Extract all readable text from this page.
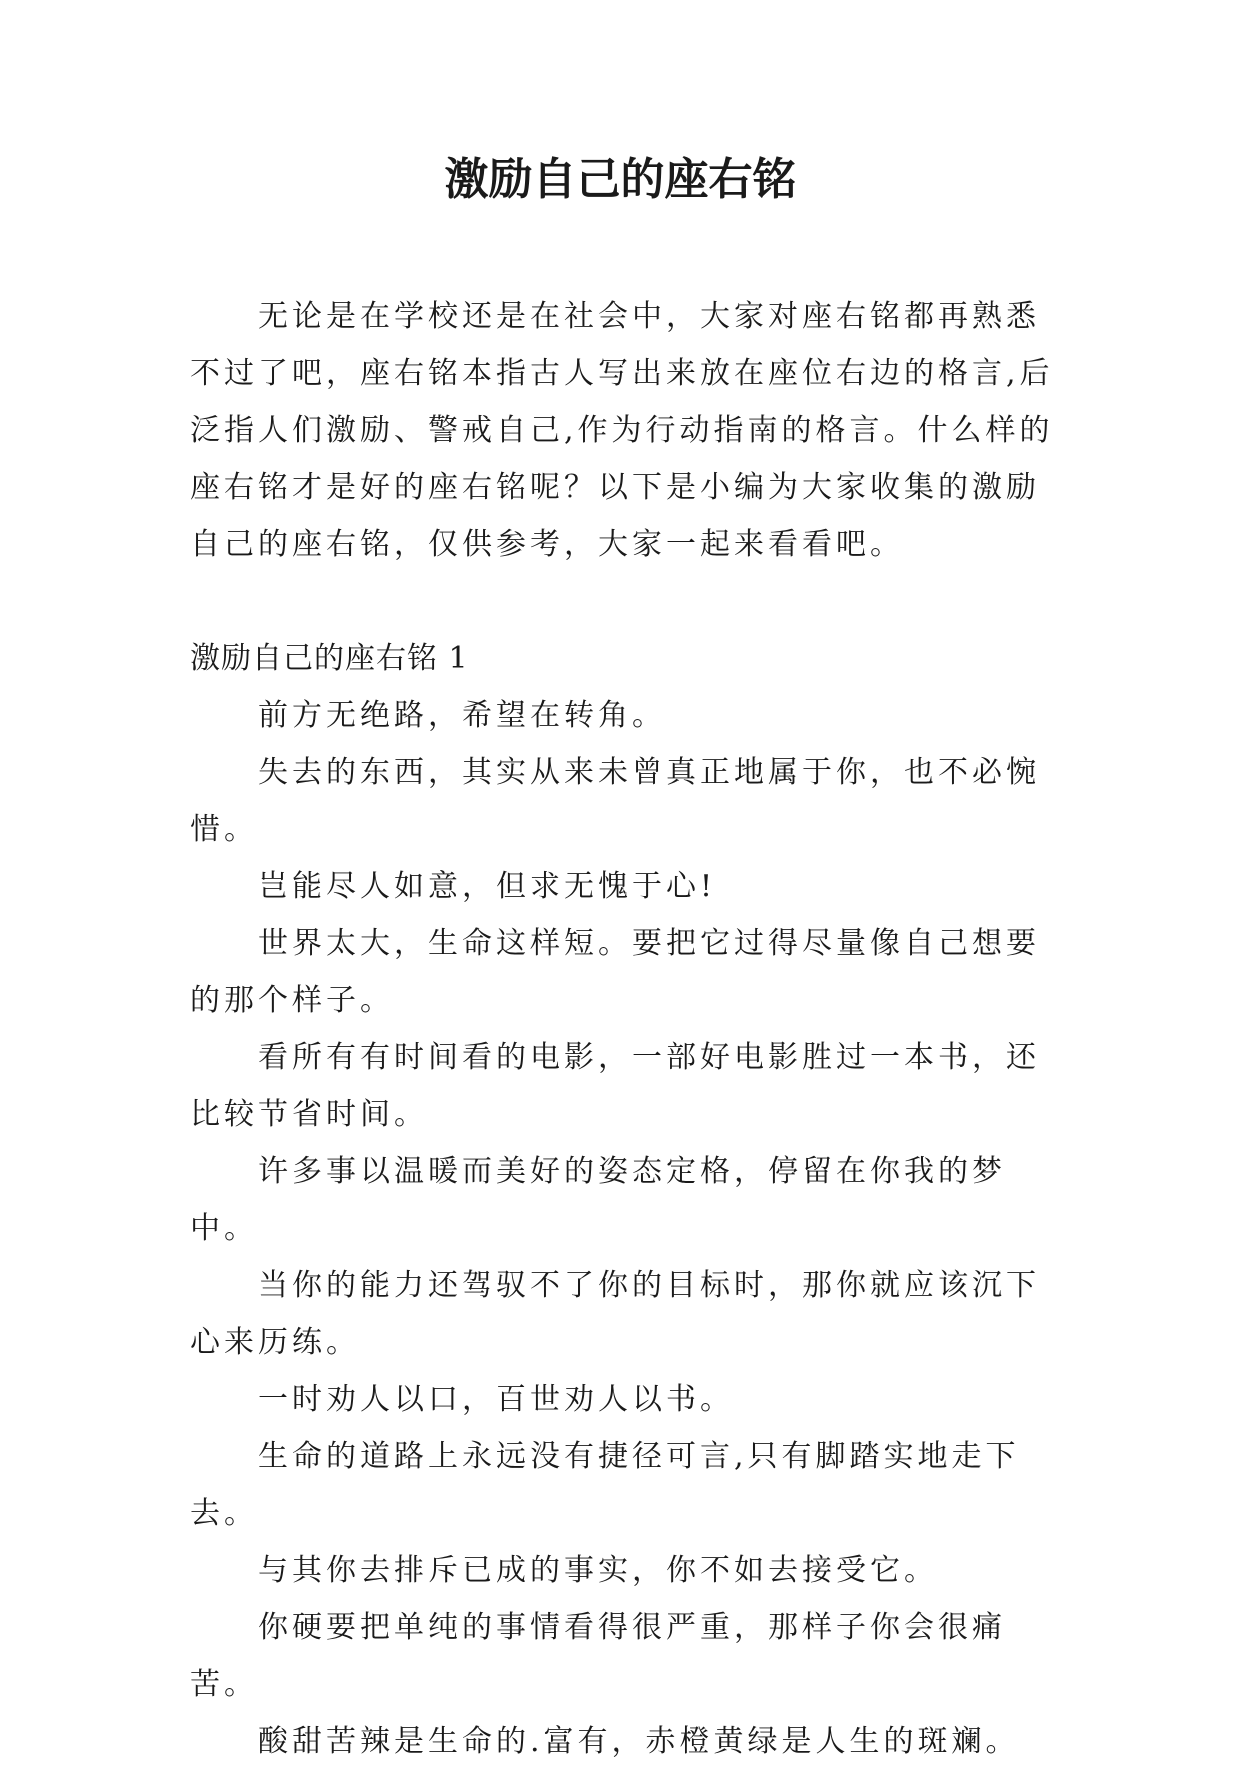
激励自己的座右铭

无论是在学校还是在社会中，大家对座右铭都再熟悉不过了吧，座右铭本指古人写出来放在座位右边的格言,后泛指人们激励、警戒自己,作为行动指南的格言。什么样的座右铭才是好的座右铭呢？以下是小编为大家收集的激励自己的座右铭，仅供参考，大家一起来看看吧。

激励自己的座右铭 1

前方无绝路，希望在转角。

失去的东西，其实从来未曾真正地属于你，也不必惋惜。

岂能尽人如意，但求无愧于心!

世界太大，生命这样短。要把它过得尽量像自己想要的那个样子。

看所有有时间看的电影，一部好电影胜过一本书，还比较节省时间。

许多事以温暖而美好的姿态定格，停留在你我的梦中。

当你的能力还驾驭不了你的目标时，那你就应该沉下心来历练。

一时劝人以口，百世劝人以书。

生命的道路上永远没有捷径可言,只有脚踏实地走下去。

与其你去排斥已成的事实，你不如去接受它。

你硬要把单纯的事情看得很严重，那样子你会很痛苦。

酸甜苦辣是生命的.富有，赤橙黄绿是人生的斑斓。
